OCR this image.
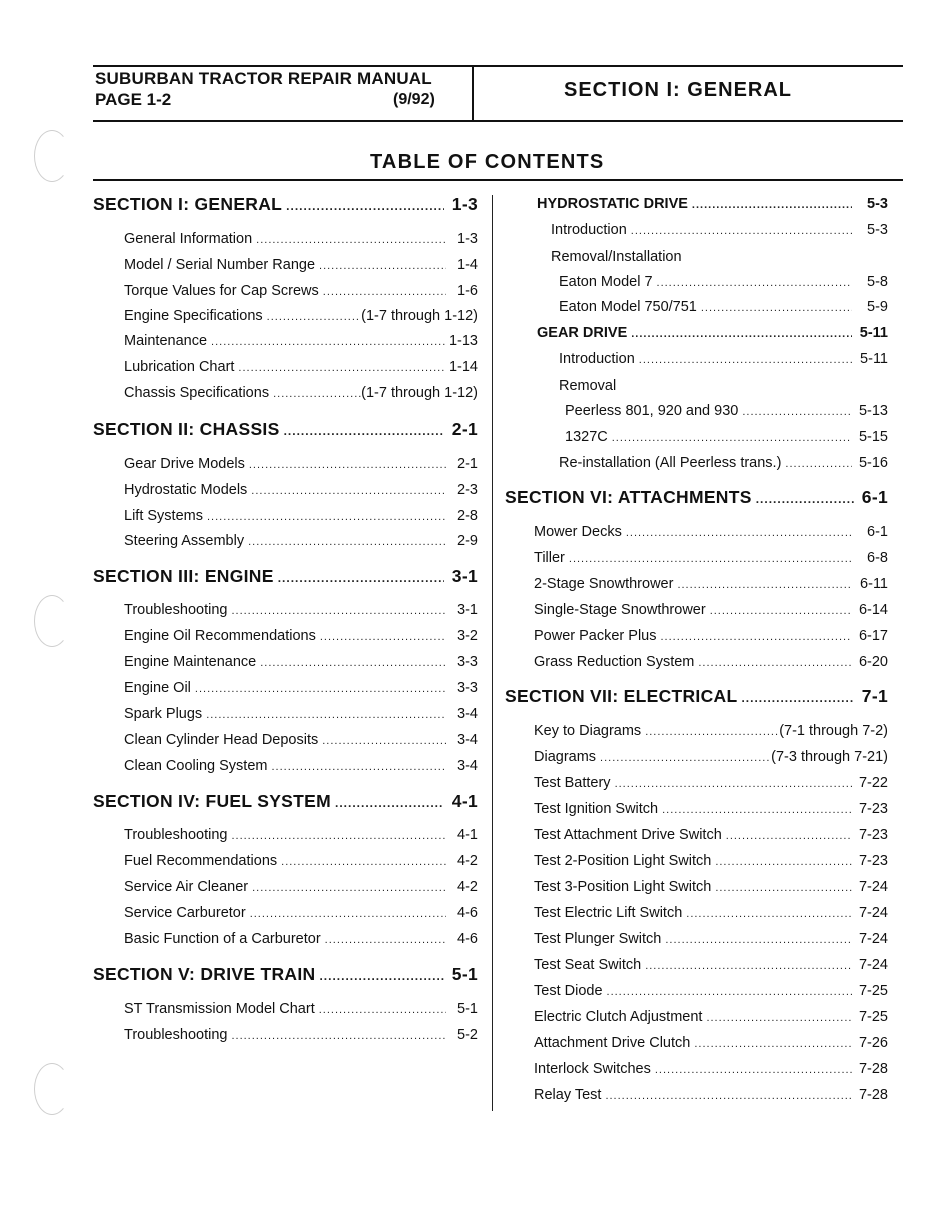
SUBURBAN TRACTOR REPAIR MANUAL
PAGE 1-2	(9/92)	SECTION I: GENERAL
TABLE OF CONTENTS
SECTION I: GENERAL .....	1-3
General Information .....	1-3
Model / Serial Number Range .....	1-4
Torque Values for Cap Screws .....	1-6
Engine Specifications .....	(1-7 through 1-12)
Maintenance .....	1-13
Lubrication Chart .....	1-14
Chassis Specifications .....	(1-7 through 1-12)
SECTION II: CHASSIS .....	2-1
Gear Drive Models .....	2-1
Hydrostatic Models .....	2-3
Lift Systems .....	2-8
Steering Assembly .....	2-9
SECTION III: ENGINE .....	3-1
Troubleshooting .....	3-1
Engine Oil Recommendations .....	3-2
Engine Maintenance .....	3-3
Engine Oil .....	3-3
Spark Plugs .....	3-4
Clean Cylinder Head Deposits .....	3-4
Clean Cooling System .....	3-4
SECTION IV: FUEL SYSTEM .....	4-1
Troubleshooting .....	4-1
Fuel Recommendations .....	4-2
Service Air Cleaner .....	4-2
Service Carburetor .....	4-6
Basic Function of a Carburetor .....	4-6
SECTION V: DRIVE TRAIN .....	5-1
ST Transmission Model Chart .....	5-1
Troubleshooting .....	5-2
HYDROSTATIC DRIVE .....	5-3
Introduction .....	5-3
Removal/Installation
Eaton Model 7 .....	5-8
Eaton Model 750/751 .....	5-9
GEAR DRIVE .....	5-11
Introduction .....	5-11
Removal
Peerless 801, 920 and 930 .....	5-13
1327C .....	5-15
Re-installation (All Peerless trans.) .....	5-16
SECTION VI: ATTACHMENTS .....	6-1
Mower Decks .....	6-1
Tiller .....	6-8
2-Stage Snowthrower .....	6-11
Single-Stage Snowthrower .....	6-14
Power Packer Plus .....	6-17
Grass Reduction System .....	6-20
SECTION VII: ELECTRICAL .....	7-1
Key to Diagrams .....	(7-1 through 7-2)
Diagrams .....	(7-3 through 7-21)
Test Battery .....	7-22
Test Ignition Switch .....	7-23
Test Attachment Drive Switch .....	7-23
Test 2-Position Light Switch .....	7-23
Test 3-Position Light Switch .....	7-24
Test Electric Lift Switch .....	7-24
Test Plunger Switch .....	7-24
Test Seat Switch .....	7-24
Test Diode .....	7-25
Electric Clutch Adjustment .....	7-25
Attachment Drive Clutch .....	7-26
Interlock Switches .....	7-28
Relay Test .....	7-28
